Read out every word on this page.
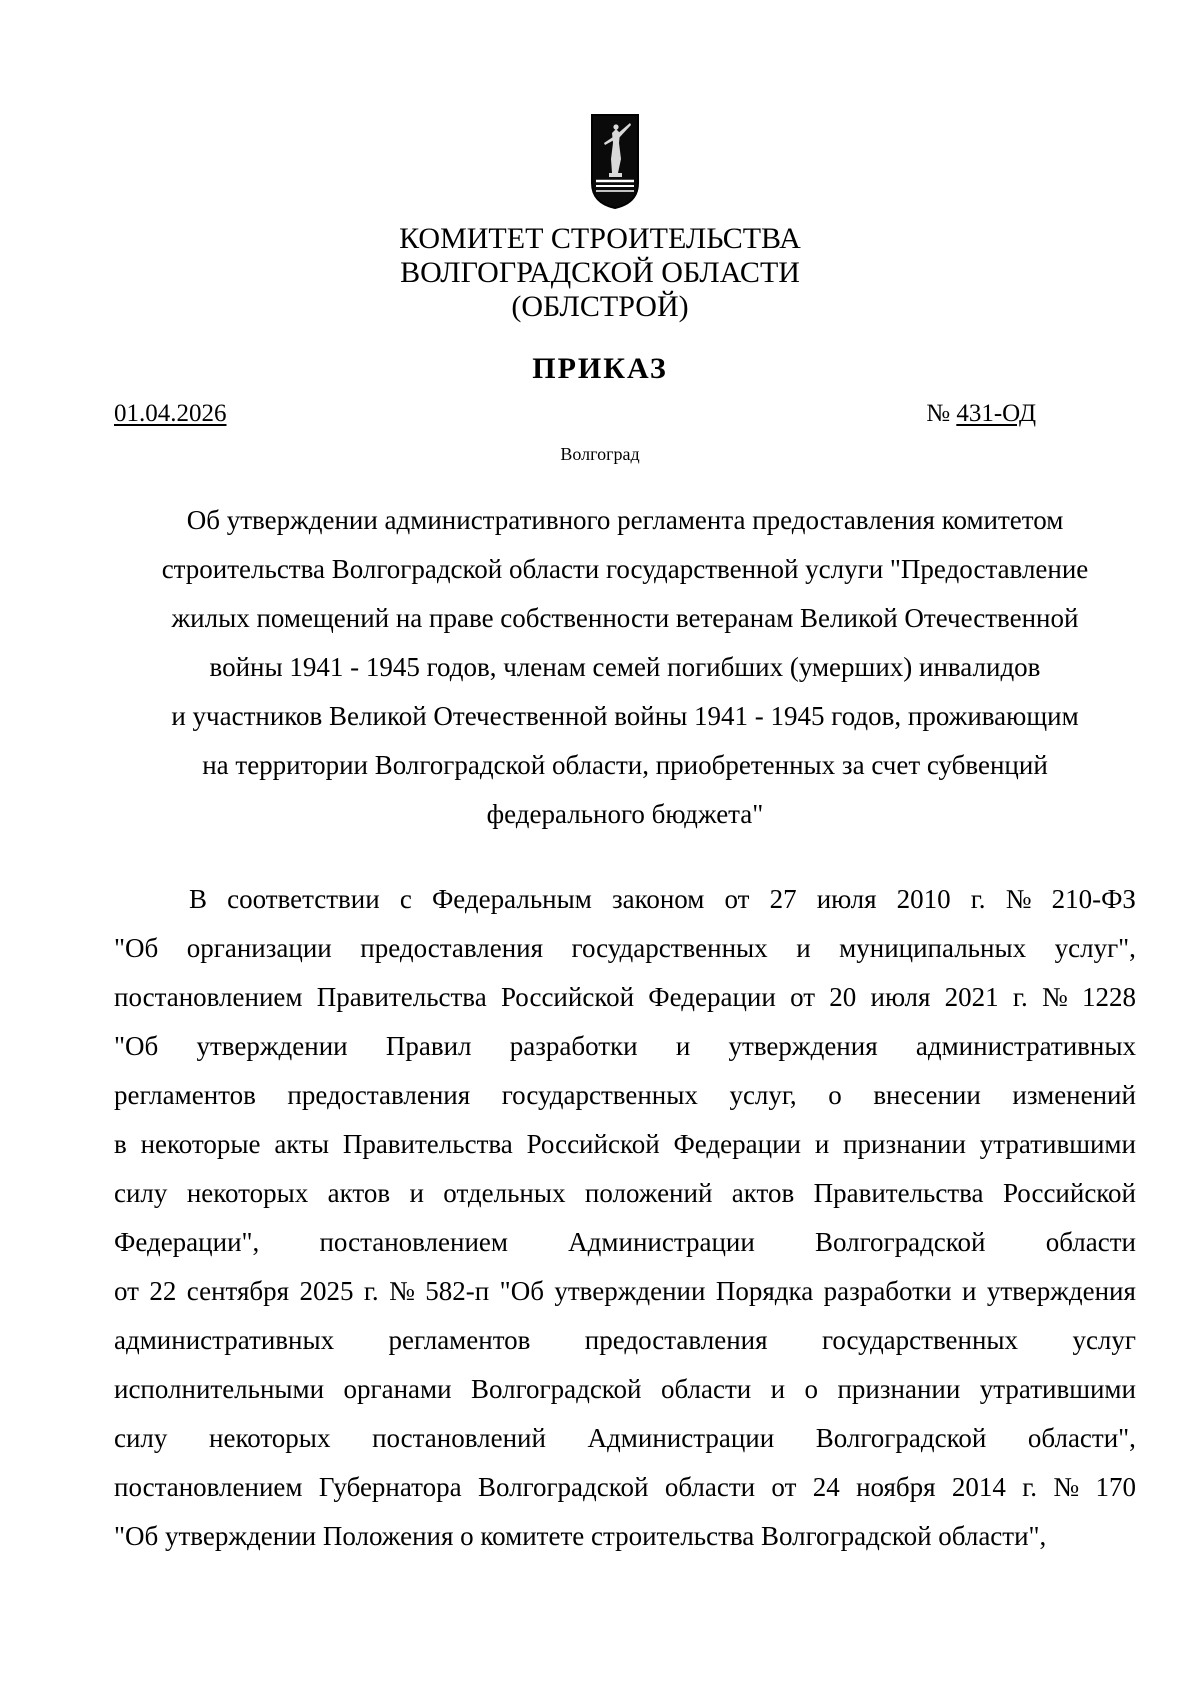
КОМИТЕТ СТРОИТЕЛЬСТВА
ВОЛГОГРАДСКОЙ ОБЛАСТИ
(ОБЛСТРОЙ)
ПРИКАЗ
01.04.2026	№ 431-ОД
Волгоград
Об утверждении административного регламента предоставления комитетом
строительства Волгоградской области государственной услуги "Предоставление
жилых помещений на праве собственности ветеранам Великой Отечественной
войны 1941 - 1945 годов, членам семей погибших (умерших) инвалидов
и участников Великой Отечественной войны 1941 - 1945 годов, проживающим
на территории Волгоградской области, приобретенных за счет субвенций
федерального бюджета"
В соответствии с Федеральным законом от 27 июля 2010 г. № 210-ФЗ
"Об организации предоставления государственных и муниципальных услуг",
постановлением Правительства Российской Федерации от 20 июля 2021 г. № 1228
"Об утверждении Правил разработки и утверждения административных
регламентов предоставления государственных услуг, о внесении изменений
в некоторые акты Правительства Российской Федерации и признании утратившими
силу некоторых актов и отдельных положений актов Правительства Российской
Федерации", постановлением Администрации Волгоградской области
от 22 сентября 2025 г. № 582-п "Об утверждении Порядка разработки и утверждения
административных регламентов предоставления государственных услуг
исполнительными органами Волгоградской области и о признании утратившими
силу некоторых постановлений Администрации Волгоградской области",
постановлением Губернатора Волгоградской области от 24 ноября 2014 г. № 170
"Об утверждении Положения о комитете строительства Волгоградской области",
